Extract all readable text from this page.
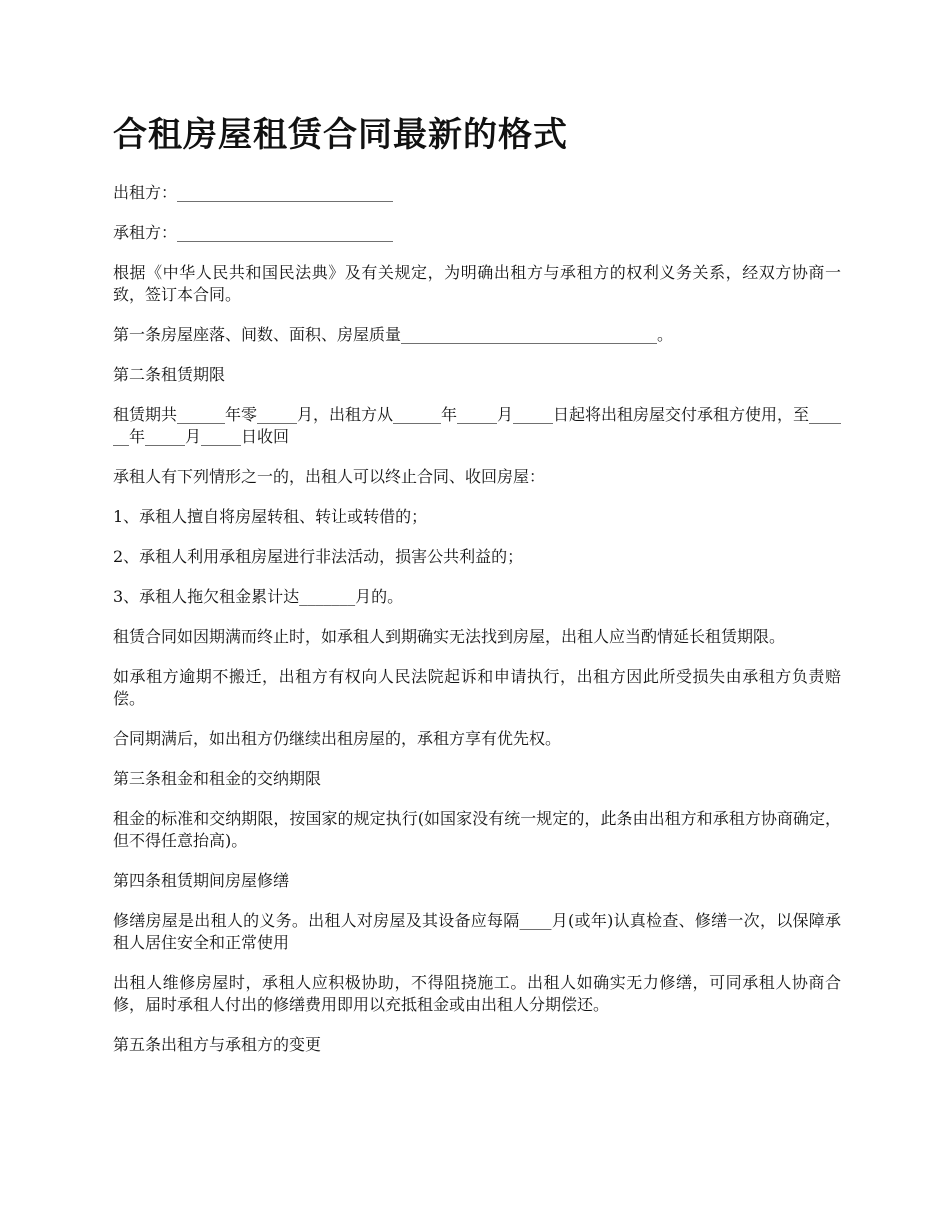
合租房屋租赁合同最新的格式

出租方：___________________________

承租方：___________________________

根据《中华人民共和国民法典》及有关规定，为明确出租方与承租方的权利义务关系，经双方协商一致，签订本合同。

第一条房屋座落、间数、面积、房屋质量________________________________。

第二条租赁期限

租赁期共______年零_____月，出租方从______年_____月_____日起将出租房屋交付承租方使用，至______年_____月_____日收回

承租人有下列情形之一的，出租人可以终止合同、收回房屋：

1、承租人擅自将房屋转租、转让或转借的；

2、承租人利用承租房屋进行非法活动，损害公共利益的；

3、承租人拖欠租金累计达_______月的。

租赁合同如因期满而终止时，如承租人到期确实无法找到房屋，出租人应当酌情延长租赁期限。

如承租方逾期不搬迁，出租方有权向人民法院起诉和申请执行，出租方因此所受损失由承租方负责赔偿。

合同期满后，如出租方仍继续出租房屋的，承租方享有优先权。

第三条租金和租金的交纳期限

租金的标准和交纳期限，按国家的规定执行(如国家没有统一规定的，此条由出租方和承租方协商确定，但不得任意抬高)。

第四条租赁期间房屋修缮

修缮房屋是出租人的义务。出租人对房屋及其设备应每隔____月(或年)认真检查、修缮一次，以保障承租人居住安全和正常使用

出租人维修房屋时，承租人应积极协助，不得阻挠施工。出租人如确实无力修缮，可同承租人协商合修，届时承租人付出的修缮费用即用以充抵租金或由出租人分期偿还。

第五条出租方与承租方的变更
